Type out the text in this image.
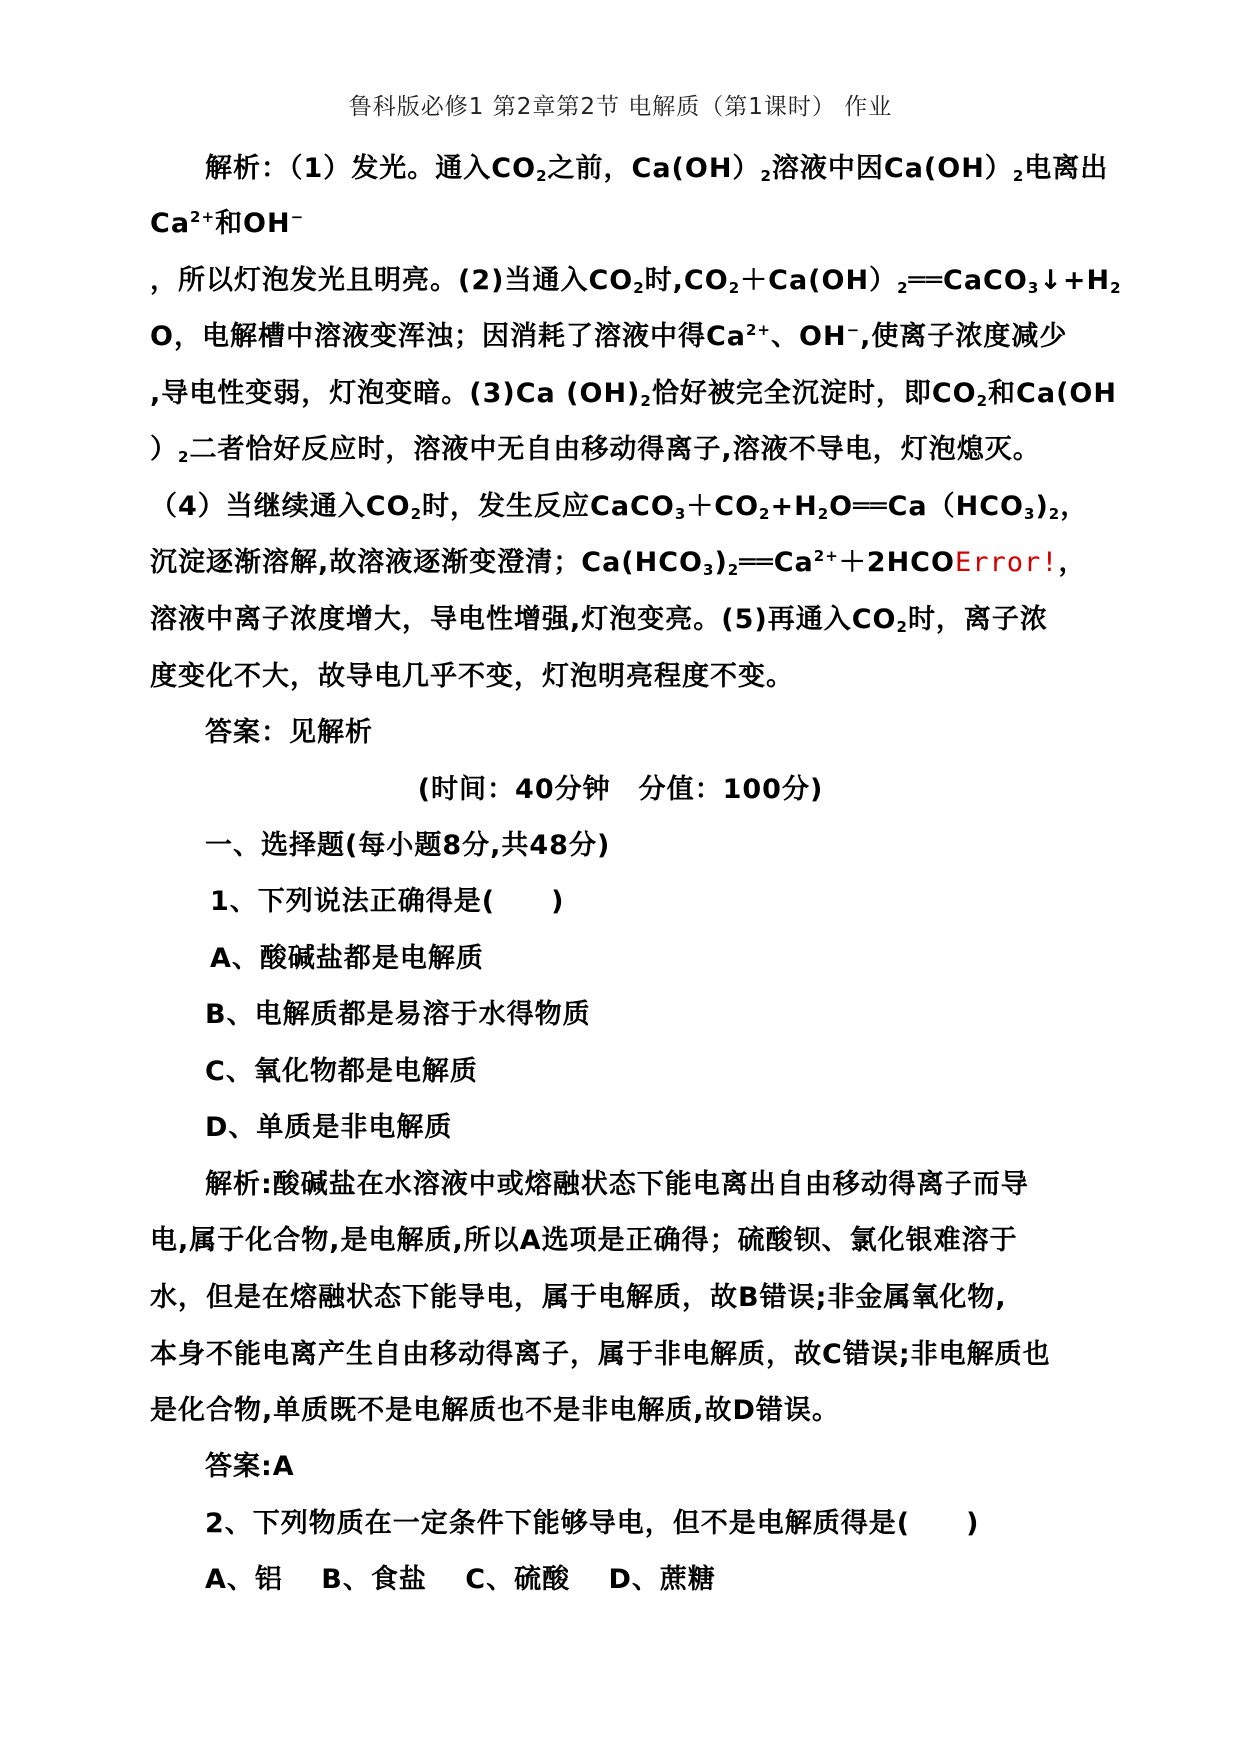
鲁科版必修1 第2章第2节 电解质（第1课时） 作业
解析：（1）发光。通入$CO_2$之前，$Ca(OH)_2$溶液中因$Ca(OH)_2$电离出
$Ca^{2+}$和OH−
，所以灯泡发光且明亮。(2)当通入$CO_2$时$,CO_2+Ca(OH)_2══CaCO_3↓+H_2$
O，电解槽中溶液变浑浊；因消耗了溶液中得$Ca^{2+}$、OH−,使离子浓度减少
,导电性变弱，灯泡变暗。(3)Ca $(OH)_2$恰好被完全沉淀时，即$CO_2$和Ca(OH
）$_2$二者恰好反应时，溶液中无自由移动得离子,溶液不导电，灯泡熄灭。
（4）当继续通入$CO_2$时，发生反应$CaCO_3+CO_2+H_2O══Ca(HCO_3)_2$，
沉淀逐渐溶解,故溶液逐渐变澄清；$Ca(HCO_3)_2══Ca^{2+}+2HCOError$!，
溶液中离子浓度增大，导电性增强,灯泡变亮。(5)再通入$CO_2$时，离子浓
度变化不大，故导电几乎不变，灯泡明亮程度不变。
答案：见解析
(时间：40分钟　分值：100分)
一、选择题(每小题8分,共48分)
1、下列说法正确得是(　　)
A、酸碱盐都是电解质
B、电解质都是易溶于水得物质
C、氧化物都是电解质
D、单质是非电解质
解析:酸碱盐在水溶液中或熔融状态下能电离出自由移动得离子而导
电,属于化合物,是电解质,所以A选项是正确得；硫酸钡、氯化银难溶于
水，但是在熔融状态下能导电，属于电解质，故B错误;非金属氧化物,
本身不能电离产生自由移动得离子，属于非电解质，故C错误;非电解质也
是化合物,单质既不是电解质也不是非电解质,故D错误。
答案:A
2、下列物质在一定条件下能够导电，但不是电解质得是(　　)
A、铝　 B、食盐　 C、硫酸　 D、蔗糖
